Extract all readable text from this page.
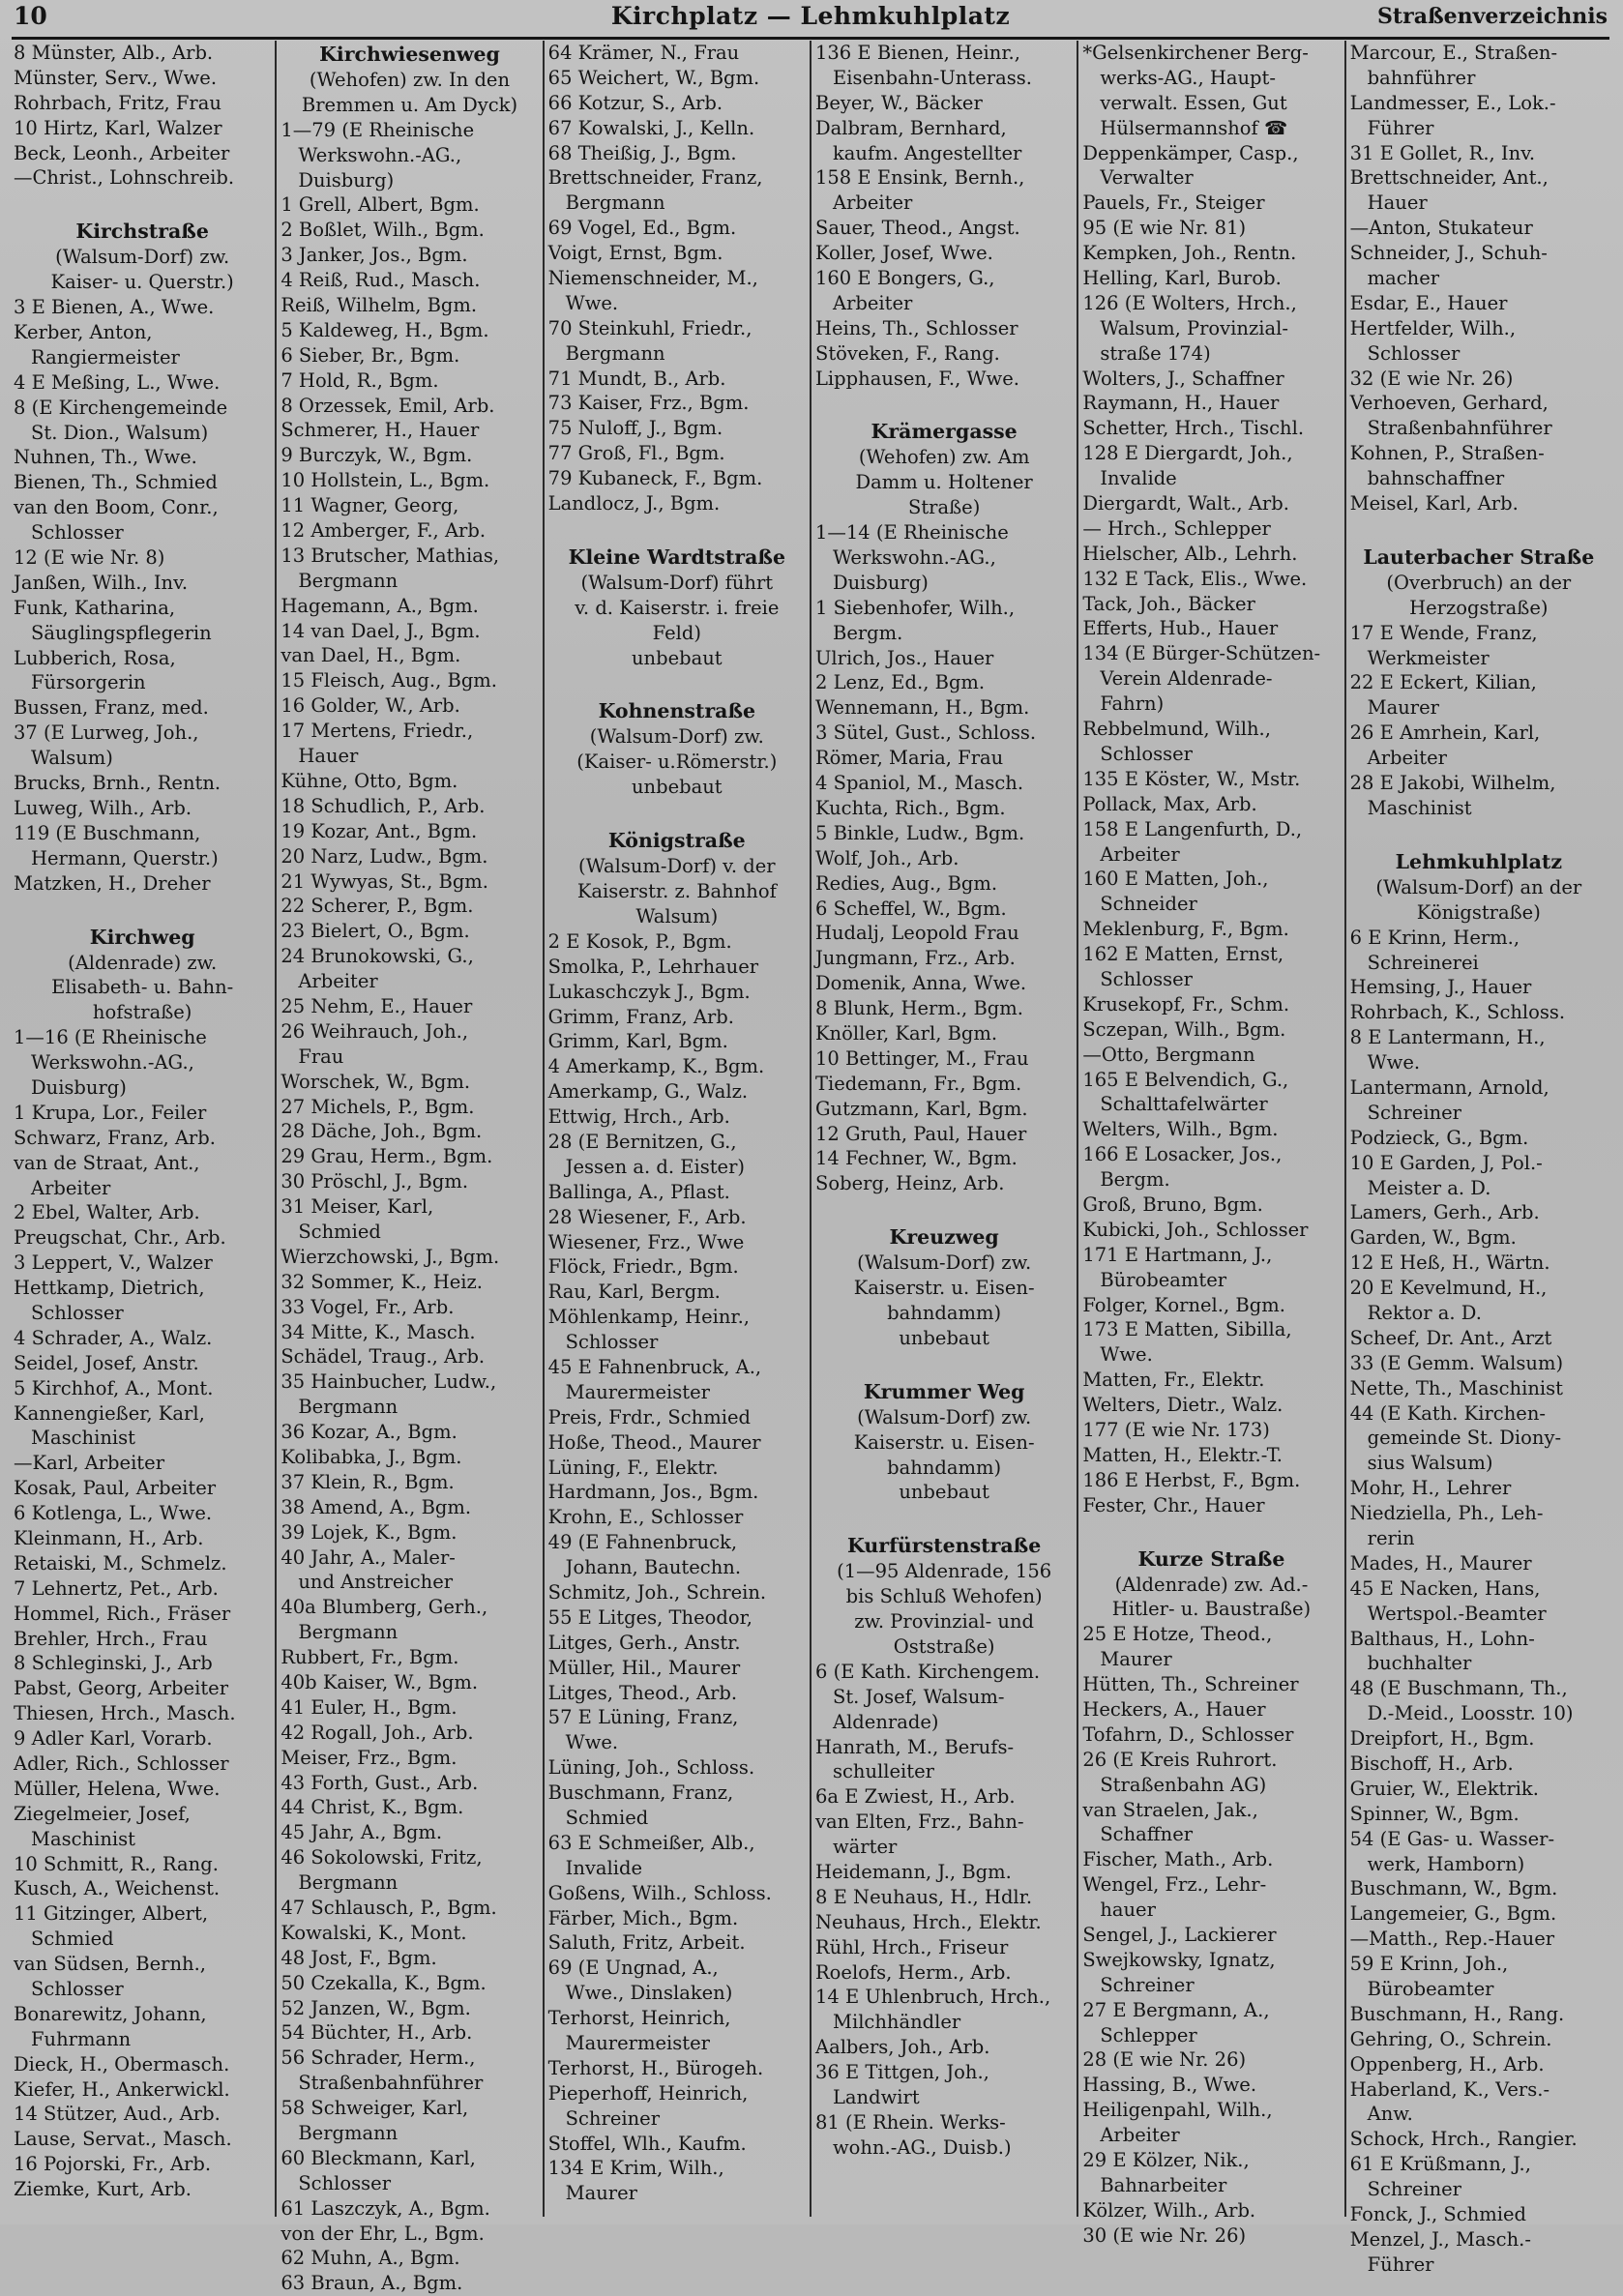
10	Kirchplatz — Lehmkuhlplatz	Straßenverzeichnis
8 Münster, Alb., Arb.
Münster, Serv., Wwe.
Rohrbach, Fritz, Frau
10 Hirtz, Karl, Walzer
Beck, Leonh., Arbeiter
—Christ., Lohnschreib.
Kirchstraße
(Walsum-Dorf) zw.
Kaiser- u. Querstr.)
3 E Bienen, A., Wwe.
Kerber, Anton,
Rangiermeister
4 E Meßing, L., Wwe.
8 (E Kirchengemeinde
St. Dion., Walsum)
Nuhnen, Th., Wwe.
Bienen, Th., Schmied
van den Boom, Conr.,
Schlosser
12 (E wie Nr. 8)
Janßen, Wilh., Inv.
Funk, Katharina,
Säuglingspflegerin
Lubberich, Rosa,
Fürsorgerin
Bussen, Franz, med.
37 (E Lurweg, Joh.,
Walsum)
Brucks, Brnh., Rentn.
Luweg, Wilh., Arb.
119 (E Buschmann,
Hermann, Querstr.)
Matzken, H., Dreher
Kirchweg
(Aldenrade) zw.
Elisabeth- u. Bahn-
hofstraße)
1—16 (E Rheinische
Werkswohn.-AG.,
Duisburg)
1 Krupa, Lor., Feiler
Schwarz, Franz, Arb.
van de Straat, Ant.,
Arbeiter
2 Ebel, Walter, Arb.
Preugschat, Chr., Arb.
3 Leppert, V., Walzer
Hettkamp, Dietrich,
Schlosser
4 Schrader, A., Walz.
Seidel, Josef, Anstr.
5 Kirchhof, A., Mont.
Kannengießer, Karl,
Maschinist
—Karl, Arbeiter
Kosak, Paul, Arbeiter
6 Kotlenga, L., Wwe.
Kleinmann, H., Arb.
Retaiski, M., Schmelz.
7 Lehnertz, Pet., Arb.
Hommel, Rich., Fräser
Brehler, Hrch., Frau
8 Schleginski, J., Arb
Pabst, Georg, Arbeiter
Thiesen, Hrch., Masch.
9 Adler Karl, Vorarb.
Adler, Rich., Schlosser
Müller, Helena, Wwe.
Ziegelmeier, Josef,
Maschinist
10 Schmitt, R., Rang.
Kusch, A., Weichenst.
11 Gitzinger, Albert,
Schmied
van Südsen, Bernh.,
Schlosser
Bonarewitz, Johann,
Fuhrmann
Dieck, H., Obermasch.
Kiefer, H., Ankerwickl.
14 Stützer, Aud., Arb.
Lause, Servat., Masch.
16 Pojorski, Fr., Arb.
Ziemke, Kurt, Arb.
Kirchwiesenweg
(Wehofen) zw. In den
Bremmen u. Am Dyck)
1—79 (E Rheinische
Werkswohn.-AG.,
Duisburg)
1 Grell, Albert, Bgm.
2 Boßlet, Wilh., Bgm.
3 Janker, Jos., Bgm.
4 Reiß, Rud., Masch.
Reiß, Wilhelm, Bgm.
5 Kaldeweg, H., Bgm.
6 Sieber, Br., Bgm.
7 Hold, R., Bgm.
8 Orzessek, Emil, Arb.
Schmerer, H., Hauer
9 Burczyk, W., Bgm.
10 Hollstein, L., Bgm.
11 Wagner, Georg,
12 Amberger, F., Arb.
13 Brutscher, Mathias,
Bergmann
Hagemann, A., Bgm.
14 van Dael, J., Bgm.
van Dael, H., Bgm.
15 Fleisch, Aug., Bgm.
16 Golder, W., Arb.
17 Mertens, Friedr.,
Hauer
Kühne, Otto, Bgm.
18 Schudlich, P., Arb.
19 Kozar, Ant., Bgm.
20 Narz, Ludw., Bgm.
21 Wywyas, St., Bgm.
22 Scherer, P., Bgm.
23 Bielert, O., Bgm.
24 Brunokowski, G.,
Arbeiter
25 Nehm, E., Hauer
26 Weihrauch, Joh.,
Frau
Worschek, W., Bgm.
27 Michels, P., Bgm.
28 Däche, Joh., Bgm.
29 Grau, Herm., Bgm.
30 Pröschl, J., Bgm.
31 Meiser, Karl,
Schmied
Wierzchowski, J., Bgm.
32 Sommer, K., Heiz.
33 Vogel, Fr., Arb.
34 Mitte, K., Masch.
Schädel, Traug., Arb.
35 Hainbucher, Ludw.,
Bergmann
36 Kozar, A., Bgm.
Kolibabka, J., Bgm.
37 Klein, R., Bgm.
38 Amend, A., Bgm.
39 Lojek, K., Bgm.
40 Jahr, A., Maler-
und Anstreicher
40a Blumberg, Gerh.,
Bergmann
Rubbert, Fr., Bgm.
40b Kaiser, W., Bgm.
41 Euler, H., Bgm.
42 Rogall, Joh., Arb.
Meiser, Frz., Bgm.
43 Forth, Gust., Arb.
44 Christ, K., Bgm.
45 Jahr, A., Bgm.
46 Sokolowski, Fritz,
Bergmann
47 Schlausch, P., Bgm.
Kowalski, K., Mont.
48 Jost, F., Bgm.
50 Czekalla, K., Bgm.
52 Janzen, W., Bgm.
54 Büchter, H., Arb.
56 Schrader, Herm.,
Straßenbahnführer
58 Schweiger, Karl,
Bergmann
60 Bleckmann, Karl,
Schlosser
61 Laszczyk, A., Bgm.
von der Ehr, L., Bgm.
62 Muhn, A., Bgm.
63 Braun, A., Bgm.
64 Krämer, N., Frau
65 Weichert, W., Bgm.
66 Kotzur, S., Arb.
67 Kowalski, J., Kelln.
68 Theißig, J., Bgm.
Brettschneider, Franz,
Bergmann
69 Vogel, Ed., Bgm.
Voigt, Ernst, Bgm.
Niemenschneider, M.,
Wwe.
70 Steinkuhl, Friedr.,
Bergmann
71 Mundt, B., Arb.
73 Kaiser, Frz., Bgm.
75 Nuloff, J., Bgm.
77 Groß, Fl., Bgm.
79 Kubaneck, F., Bgm.
Landlocz, J., Bgm.
Kleine Wardtstraße
(Walsum-Dorf) führt
v. d. Kaiserstr. i. freie
Feld)
unbebaut
Kohnenstraße
(Walsum-Dorf) zw.
(Kaiser- u.Römerstr.)
unbebaut
Königstraße
(Walsum-Dorf) v. der
Kaiserstr. z. Bahnhof
Walsum)
2 E Kosok, P., Bgm.
Smolka, P., Lehrhauer
Lukaschczyk J., Bgm.
Grimm, Franz, Arb.
Grimm, Karl, Bgm.
4 Amerkamp, K., Bgm.
Amerkamp, G., Walz.
Ettwig, Hrch., Arb.
28 (E Bernitzen, G.,
Jessen a. d. Eister)
Ballinga, A., Pflast.
28 Wiesener, F., Arb.
Wiesener, Frz., Wwe
Flöck, Friedr., Bgm.
Rau, Karl, Bergm.
Möhlenkamp, Heinr.,
Schlosser
45 E Fahnenbruck, A.,
Maurermeister
Preis, Frdr., Schmied
Hoße, Theod., Maurer
Lüning, F., Elektr.
Hardmann, Jos., Bgm.
Krohn, E., Schlosser
49 (E Fahnenbruck,
Johann, Bautechn.
Schmitz, Joh., Schrein.
55 E Litges, Theodor,
Litges, Gerh., Anstr.
Müller, Hil., Maurer
Litges, Theod., Arb.
57 E Lüning, Franz,
Wwe.
Lüning, Joh., Schloss.
Buschmann, Franz,
Schmied
63 E Schmeißer, Alb.,
Invalide
Goßens, Wilh., Schloss.
Färber, Mich., Bgm.
Saluth, Fritz, Arbeit.
69 (E Ungnad, A.,
Wwe., Dinslaken)
Terhorst, Heinrich,
Maurermeister
Terhorst, H., Bürogeh.
Pieperhoff, Heinrich,
Schreiner
Stoffel, Wlh., Kaufm.
134 E Krim, Wilh.,
Maurer
136 E Bienen, Heinr.,
Eisenbahn-Unterass.
Beyer, W., Bäcker
Dalbram, Bernhard,
kaufm. Angestellter
158 E Ensink, Bernh.,
Arbeiter
Sauer, Theod., Angst.
Koller, Josef, Wwe.
160 E Bongers, G.,
Arbeiter
Heins, Th., Schlosser
Stöveken, F., Rang.
Lipphausen, F., Wwe.
Krämergasse
(Wehofen) zw. Am
Damm u. Holtener
Straße)
1—14 (E Rheinische
Werkswohn.-AG.,
Duisburg)
1 Siebenhofer, Wilh.,
Bergm.
Ulrich, Jos., Hauer
2 Lenz, Ed., Bgm.
Wennemann, H., Bgm.
3 Sütel, Gust., Schloss.
Römer, Maria, Frau
4 Spaniol, M., Masch.
Kuchta, Rich., Bgm.
5 Binkle, Ludw., Bgm.
Wolf, Joh., Arb.
Redies, Aug., Bgm.
6 Scheffel, W., Bgm.
Hudalj, Leopold Frau
Jungmann, Frz., Arb.
Domenik, Anna, Wwe.
8 Blunk, Herm., Bgm.
Knöller, Karl, Bgm.
10 Bettinger, M., Frau
Tiedemann, Fr., Bgm.
Gutzmann, Karl, Bgm.
12 Gruth, Paul, Hauer
14 Fechner, W., Bgm.
Soberg, Heinz, Arb.
Kreuzweg
(Walsum-Dorf) zw.
Kaiserstr. u. Eisen-
bahndamm)
unbebaut
Krummer Weg
(Walsum-Dorf) zw.
Kaiserstr. u. Eisen-
bahndamm)
unbebaut
Kurfürstenstraße
(1—95 Aldenrade, 156
bis Schluß Wehofen)
zw. Provinzial- und
Oststraße)
6 (E Kath. Kirchengem.
St. Josef, Walsum-
Aldenrade)
Hanrath, M., Berufs-
schulleiter
6a E Zwiest, H., Arb.
van Elten, Frz., Bahn-
wärter
Heidemann, J., Bgm.
8 E Neuhaus, H., Hdlr.
Neuhaus, Hrch., Elektr.
Rühl, Hrch., Friseur
Roelofs, Herm., Arb.
14 E Uhlenbruch, Hrch.,
Milchhändler
Aalbers, Joh., Arb.
36 E Tittgen, Joh.,
Landwirt
81 (E Rhein. Werks-
wohn.-AG., Duisb.)
*Gelsenkirchener Berg-
werks-AG., Haupt-
verwalt. Essen, Gut
Hülsermannshof ☎
Deppenkämper, Casp.,
Verwalter
Pauels, Fr., Steiger
95 (E wie Nr. 81)
Kempken, Joh., Rentn.
Helling, Karl, Burob.
126 (E Wolters, Hrch.,
Walsum, Provinzial-
straße 174)
Wolters, J., Schaffner
Raymann, H., Hauer
Schetter, Hrch., Tischl.
128 E Diergardt, Joh.,
Invalide
Diergardt, Walt., Arb.
— Hrch., Schlepper
Hielscher, Alb., Lehrh.
132 E Tack, Elis., Wwe.
Tack, Joh., Bäcker
Efferts, Hub., Hauer
134 (E Bürger-Schützen-
Verein Aldenrade-
Fahrn)
Rebbelmund, Wilh.,
Schlosser
135 E Köster, W., Mstr.
Pollack, Max, Arb.
158 E Langenfurth, D.,
Arbeiter
160 E Matten, Joh.,
Schneider
Meklenburg, F., Bgm.
162 E Matten, Ernst,
Schlosser
Krusekopf, Fr., Schm.
Sczepan, Wilh., Bgm.
—Otto, Bergmann
165 E Belvendich, G.,
Schalttafelwärter
Welters, Wilh., Bgm.
166 E Losacker, Jos.,
Bergm.
Groß, Bruno, Bgm.
Kubicki, Joh., Schlosser
171 E Hartmann, J.,
Bürobeamter
Folger, Kornel., Bgm.
173 E Matten, Sibilla,
Wwe.
Matten, Fr., Elektr.
Welters, Dietr., Walz.
177 (E wie Nr. 173)
Matten, H., Elektr.-T.
186 E Herbst, F., Bgm.
Fester, Chr., Hauer
Kurze Straße
(Aldenrade) zw. Ad.-
Hitler- u. Baustraße)
25 E Hotze, Theod.,
Maurer
Hütten, Th., Schreiner
Heckers, A., Hauer
Tofahrn, D., Schlosser
26 (E Kreis Ruhrort.
Straßenbahn AG)
van Straelen, Jak.,
Schaffner
Fischer, Math., Arb.
Wengel, Frz., Lehr-
hauer
Sengel, J., Lackierer
Swejkowsky, Ignatz,
Schreiner
27 E Bergmann, A.,
Schlepper
28 (E wie Nr. 26)
Hassing, B., Wwe.
Heiligenpahl, Wilh.,
Arbeiter
29 E Kölzer, Nik.,
Bahnarbeiter
Kölzer, Wilh., Arb.
30 (E wie Nr. 26)
Marcour, E., Straßen-
bahnführer
Landmesser, E., Lok.-
Führer
31 E Gollet, R., Inv.
Brettschneider, Ant.,
Hauer
—Anton, Stukateur
Schneider, J., Schuh-
macher
Esdar, E., Hauer
Hertfelder, Wilh.,
Schlosser
32 (E wie Nr. 26)
Verhoeven, Gerhard,
Straßenbahnführer
Kohnen, P., Straßen-
bahnschaffner
Meisel, Karl, Arb.
Lauterbacher Straße
(Overbruch) an der
Herzogstraße)
17 E Wende, Franz,
Werkmeister
22 E Eckert, Kilian,
Maurer
26 E Amrhein, Karl,
Arbeiter
28 E Jakobi, Wilhelm,
Maschinist
Lehmkuhlplatz
(Walsum-Dorf) an der
Königstraße)
6 E Krinn, Herm.,
Schreinerei
Hemsing, J., Hauer
Rohrbach, K., Schloss.
8 E Lantermann, H.,
Wwe.
Lantermann, Arnold,
Schreiner
Podzieck, G., Bgm.
10 E Garden, J, Pol.-
Meister a. D.
Lamers, Gerh., Arb.
Garden, W., Bgm.
12 E Heß, H., Wärtn.
20 E Kevelmund, H.,
Rektor a. D.
Scheef, Dr. Ant., Arzt
33 (E Gemm. Walsum)
Nette, Th., Maschinist
44 (E Kath. Kirchen-
gemeinde St. Diony-
sius Walsum)
Mohr, H., Lehrer
Niedziella, Ph., Leh-
rerin
Mades, H., Maurer
45 E Nacken, Hans,
Wertspol.-Beamter
Balthaus, H., Lohn-
buchhalter
48 (E Buschmann, Th.,
D.-Meid., Loosstr. 10)
Dreipfort, H., Bgm.
Bischoff, H., Arb.
Gruier, W., Elektrik.
Spinner, W., Bgm.
54 (E Gas- u. Wasser-
werk, Hamborn)
Buschmann, W., Bgm.
Langemeier, G., Bgm.
—Matth., Rep.-Hauer
59 E Krinn, Joh.,
Bürobeamter
Buschmann, H., Rang.
Gehring, O., Schrein.
Oppenberg, H., Arb.
Haberland, K., Vers.-
Anw.
Schock, Hrch., Rangier.
61 E Krüßmann, J.,
Schreiner
Fonck, J., Schmied
Menzel, J., Masch.-
Führer
